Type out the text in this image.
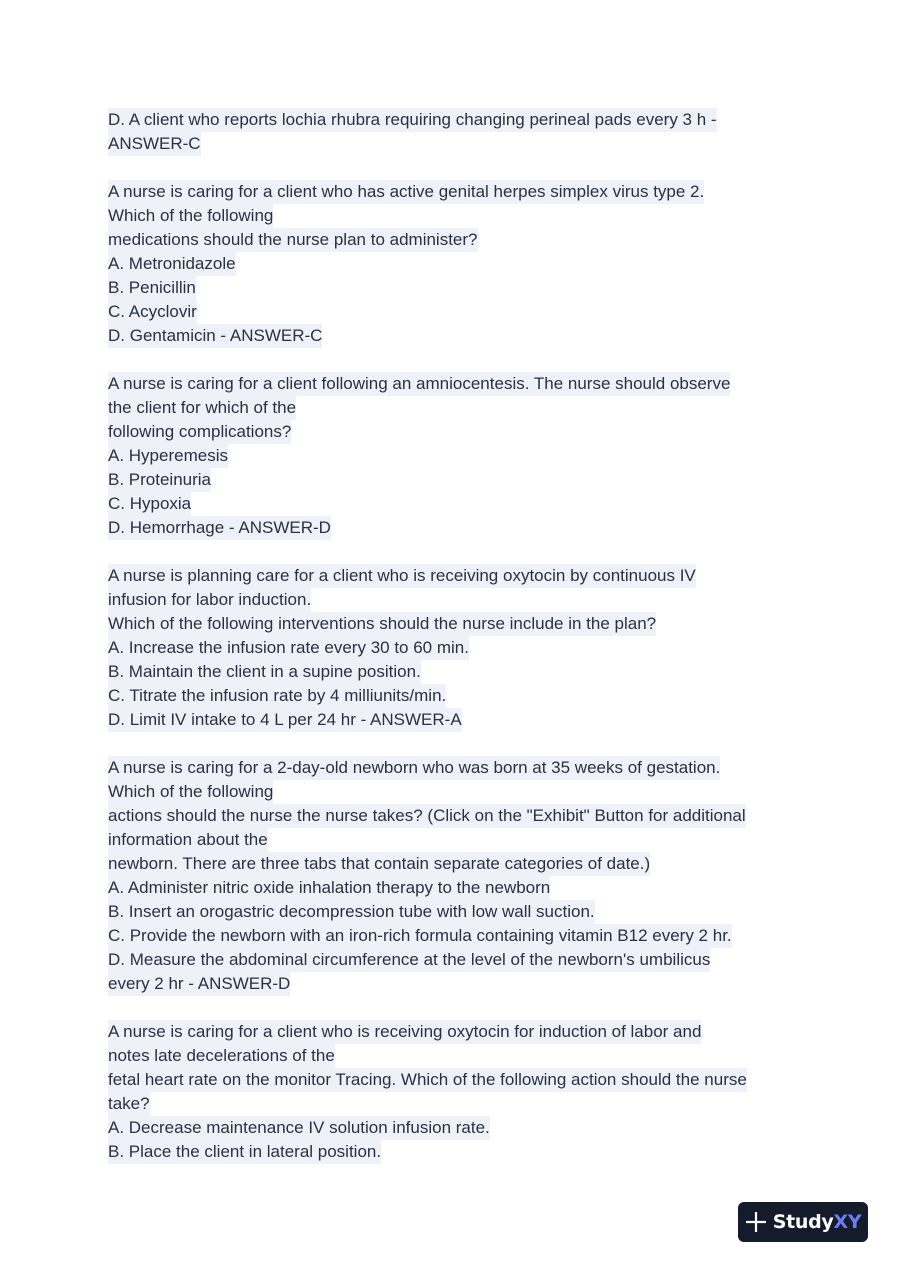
D. A client who reports lochia rhubra requiring changing perineal pads every 3 h -
ANSWER-C
A nurse is caring for a client who has active genital herpes simplex virus type 2.
Which of the following
medications should the nurse plan to administer?
A. Metronidazole
B. Penicillin
C. Acyclovir
D. Gentamicin - ANSWER-C
A nurse is caring for a client following an amniocentesis. The nurse should observe
the client for which of the
following complications?
A. Hyperemesis
B. Proteinuria
C. Hypoxia
D. Hemorrhage - ANSWER-D
A nurse is planning care for a client who is receiving oxytocin by continuous IV
infusion for labor induction.
Which of the following interventions should the nurse include in the plan?
A. Increase the infusion rate every 30 to 60 min.
B. Maintain the client in a supine position.
C. Titrate the infusion rate by 4 milliunits/min.
D. Limit IV intake to 4 L per 24 hr - ANSWER-A
A nurse is caring for a 2-day-old newborn who was born at 35 weeks of gestation.
Which of the following
actions should the nurse the nurse takes? (Click on the "Exhibit" Button for additional
information about the
newborn. There are three tabs that contain separate categories of date.)
A. Administer nitric oxide inhalation therapy to the newborn
B. Insert an orogastric decompression tube with low wall suction.
C. Provide the newborn with an iron-rich formula containing vitamin B12 every 2 hr.
D. Measure the abdominal circumference at the level of the newborn's umbilicus
every 2 hr - ANSWER-D
A nurse is caring for a client who is receiving oxytocin for induction of labor and
notes late decelerations of the
fetal heart rate on the monitor Tracing. Which of the following action should the nurse
take?
A. Decrease maintenance IV solution infusion rate.
B. Place the client in lateral position.
StudyXY
